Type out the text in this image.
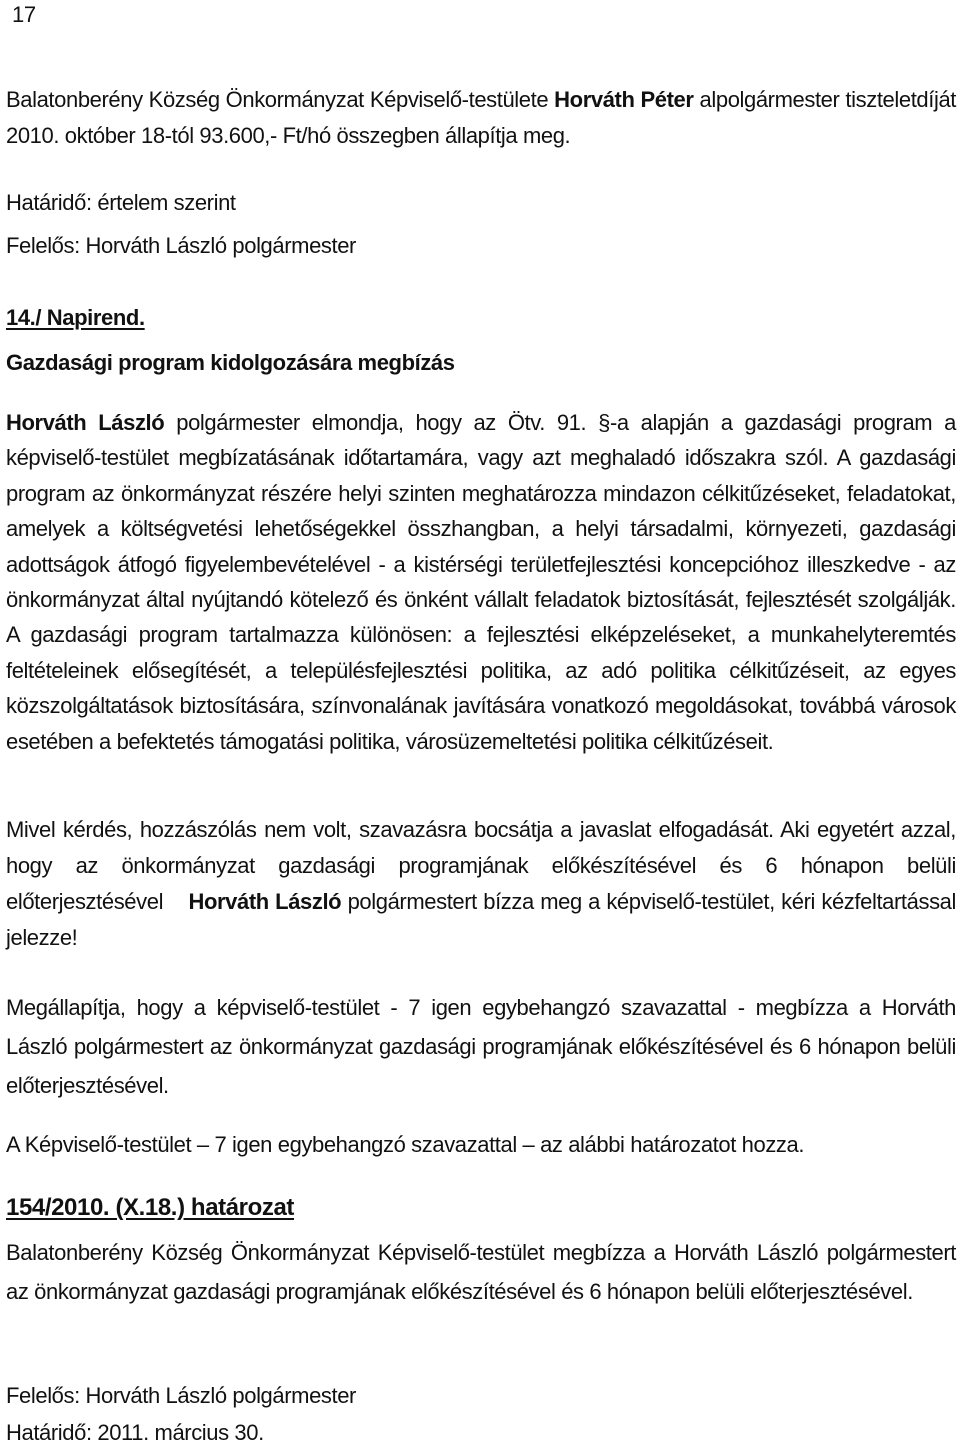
17
Balatonberény Község Önkormányzat Képviselő-testülete Horváth Péter alpolgármester tiszteletdíját 2010. október 18-tól 93.600,- Ft/hó összegben állapítja meg.
Határidő: értelem szerint
Felelős: Horváth László polgármester
14./ Napirend.
Gazdasági program kidolgozására megbízás
Horváth László polgármester elmondja, hogy az Ötv. 91. §-a alapján a gazdasági program a képviselő-testület megbízatásának időtartamára, vagy azt meghaladó időszakra szól. A gazdasági program az önkormányzat részére helyi szinten meghatározza mindazon célkitűzéseket, feladatokat, amelyek a költségvetési lehetőségekkel összhangban, a helyi társadalmi, környezeti, gazdasági adottságok átfogó figyelembevételével - a kistérségi területfejlesztési koncepcióhoz illeszkedve - az önkormányzat által nyújtandó kötelező és önként vállalt feladatok biztosítását, fejlesztését szolgálják. A gazdasági program tartalmazza különösen: a fejlesztési elképzeléseket, a munkahelyteremtés feltételeinek elősegítését, a településfejlesztési politika, az adó politika célkitűzéseit, az egyes közszolgáltatások biztosítására, színvonalának javítására vonatkozó megoldásokat, továbbá városok esetében a befektetés támogatási politika, városüzemeltetési politika célkitűzéseit.
Mivel kérdés, hozzászólás nem volt, szavazásra bocsátja a javaslat elfogadását. Aki egyetért azzal, hogy az önkormányzat gazdasági programjának előkészítésével és 6 hónapon belüli előterjesztésével Horváth László polgármestert bízza meg a képviselő-testület, kéri kézfeltartással jelezze!
Megállapítja, hogy a képviselő-testület - 7 igen egybehangzó szavazattal - megbízza a Horváth László polgármestert az önkormányzat gazdasági programjának előkészítésével és 6 hónapon belüli előterjesztésével.
A Képviselő-testület – 7 igen egybehangzó szavazattal – az alábbi határozatot hozza.
154/2010. (X.18.) határozat
Balatonberény Község Önkormányzat Képviselő-testület megbízza a Horváth László polgármestert az önkormányzat gazdasági programjának előkészítésével és 6 hónapon belüli előterjesztésével.
Felelős: Horváth László polgármester
Határidő: 2011. március 30.
